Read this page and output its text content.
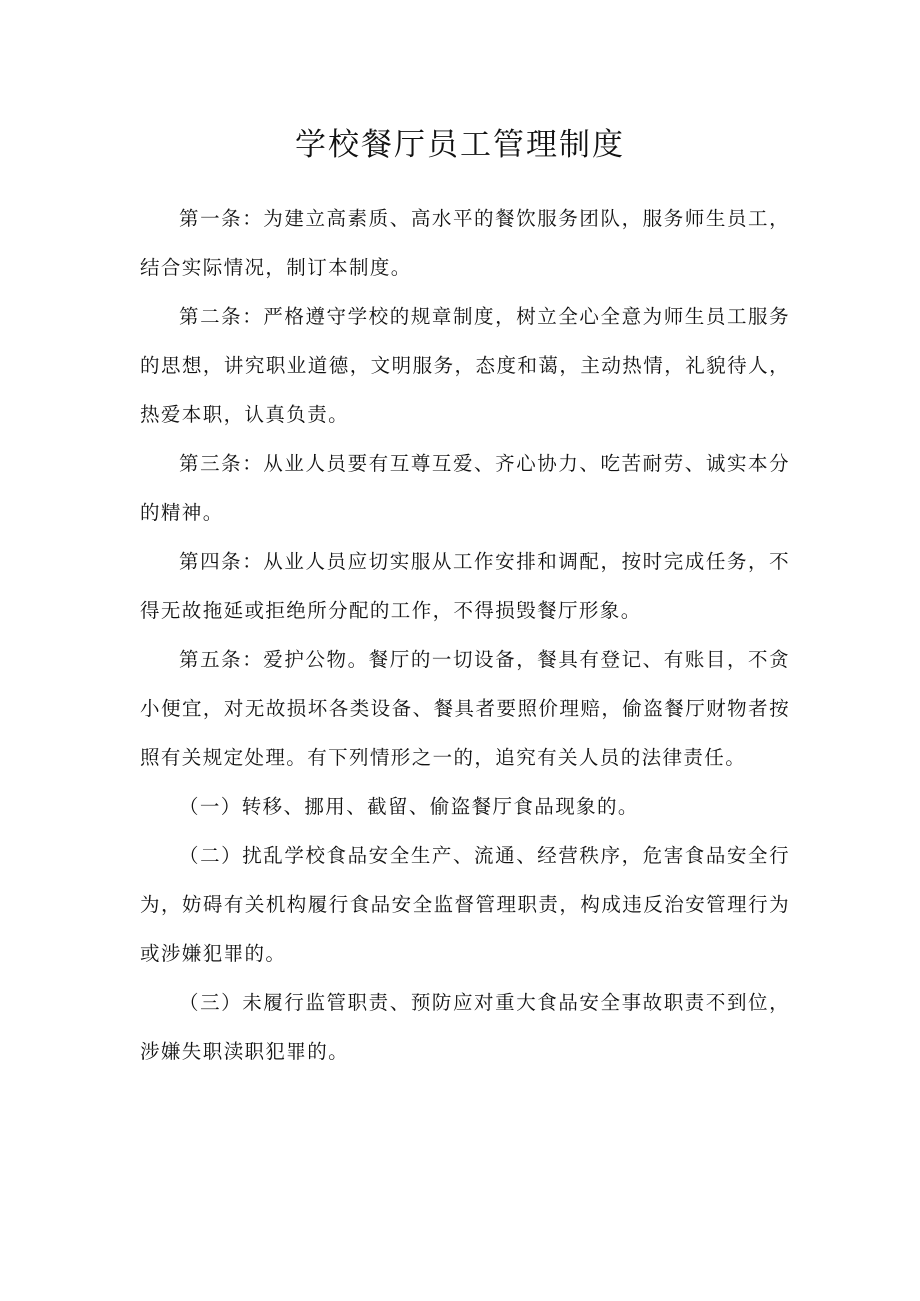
学校餐厅员工管理制度

第一条：为建立高素质、高水平的餐饮服务团队，服务师生员工，结合实际情况，制订本制度。

第二条：严格遵守学校的规章制度，树立全心全意为师生员工服务的思想，讲究职业道德，文明服务，态度和蔼，主动热情，礼貌待人，热爱本职，认真负责。

第三条：从业人员要有互尊互爱、齐心协力、吃苦耐劳、诚实本分的精神。

第四条：从业人员应切实服从工作安排和调配，按时完成任务，不得无故拖延或拒绝所分配的工作，不得损毁餐厅形象。

第五条：爱护公物。餐厅的一切设备，餐具有登记、有账目，不贪小便宜，对无故损坏各类设备、餐具者要照价理赔，偷盗餐厅财物者按照有关规定处理。有下列情形之一的，追究有关人员的法律责任。

（一）转移、挪用、截留、偷盗餐厅食品现象的。

（二）扰乱学校食品安全生产、流通、经营秩序，危害食品安全行为，妨碍有关机构履行食品安全监督管理职责，构成违反治安管理行为或涉嫌犯罪的。

（三）未履行监管职责、预防应对重大食品安全事故职责不到位，涉嫌失职渎职犯罪的。
